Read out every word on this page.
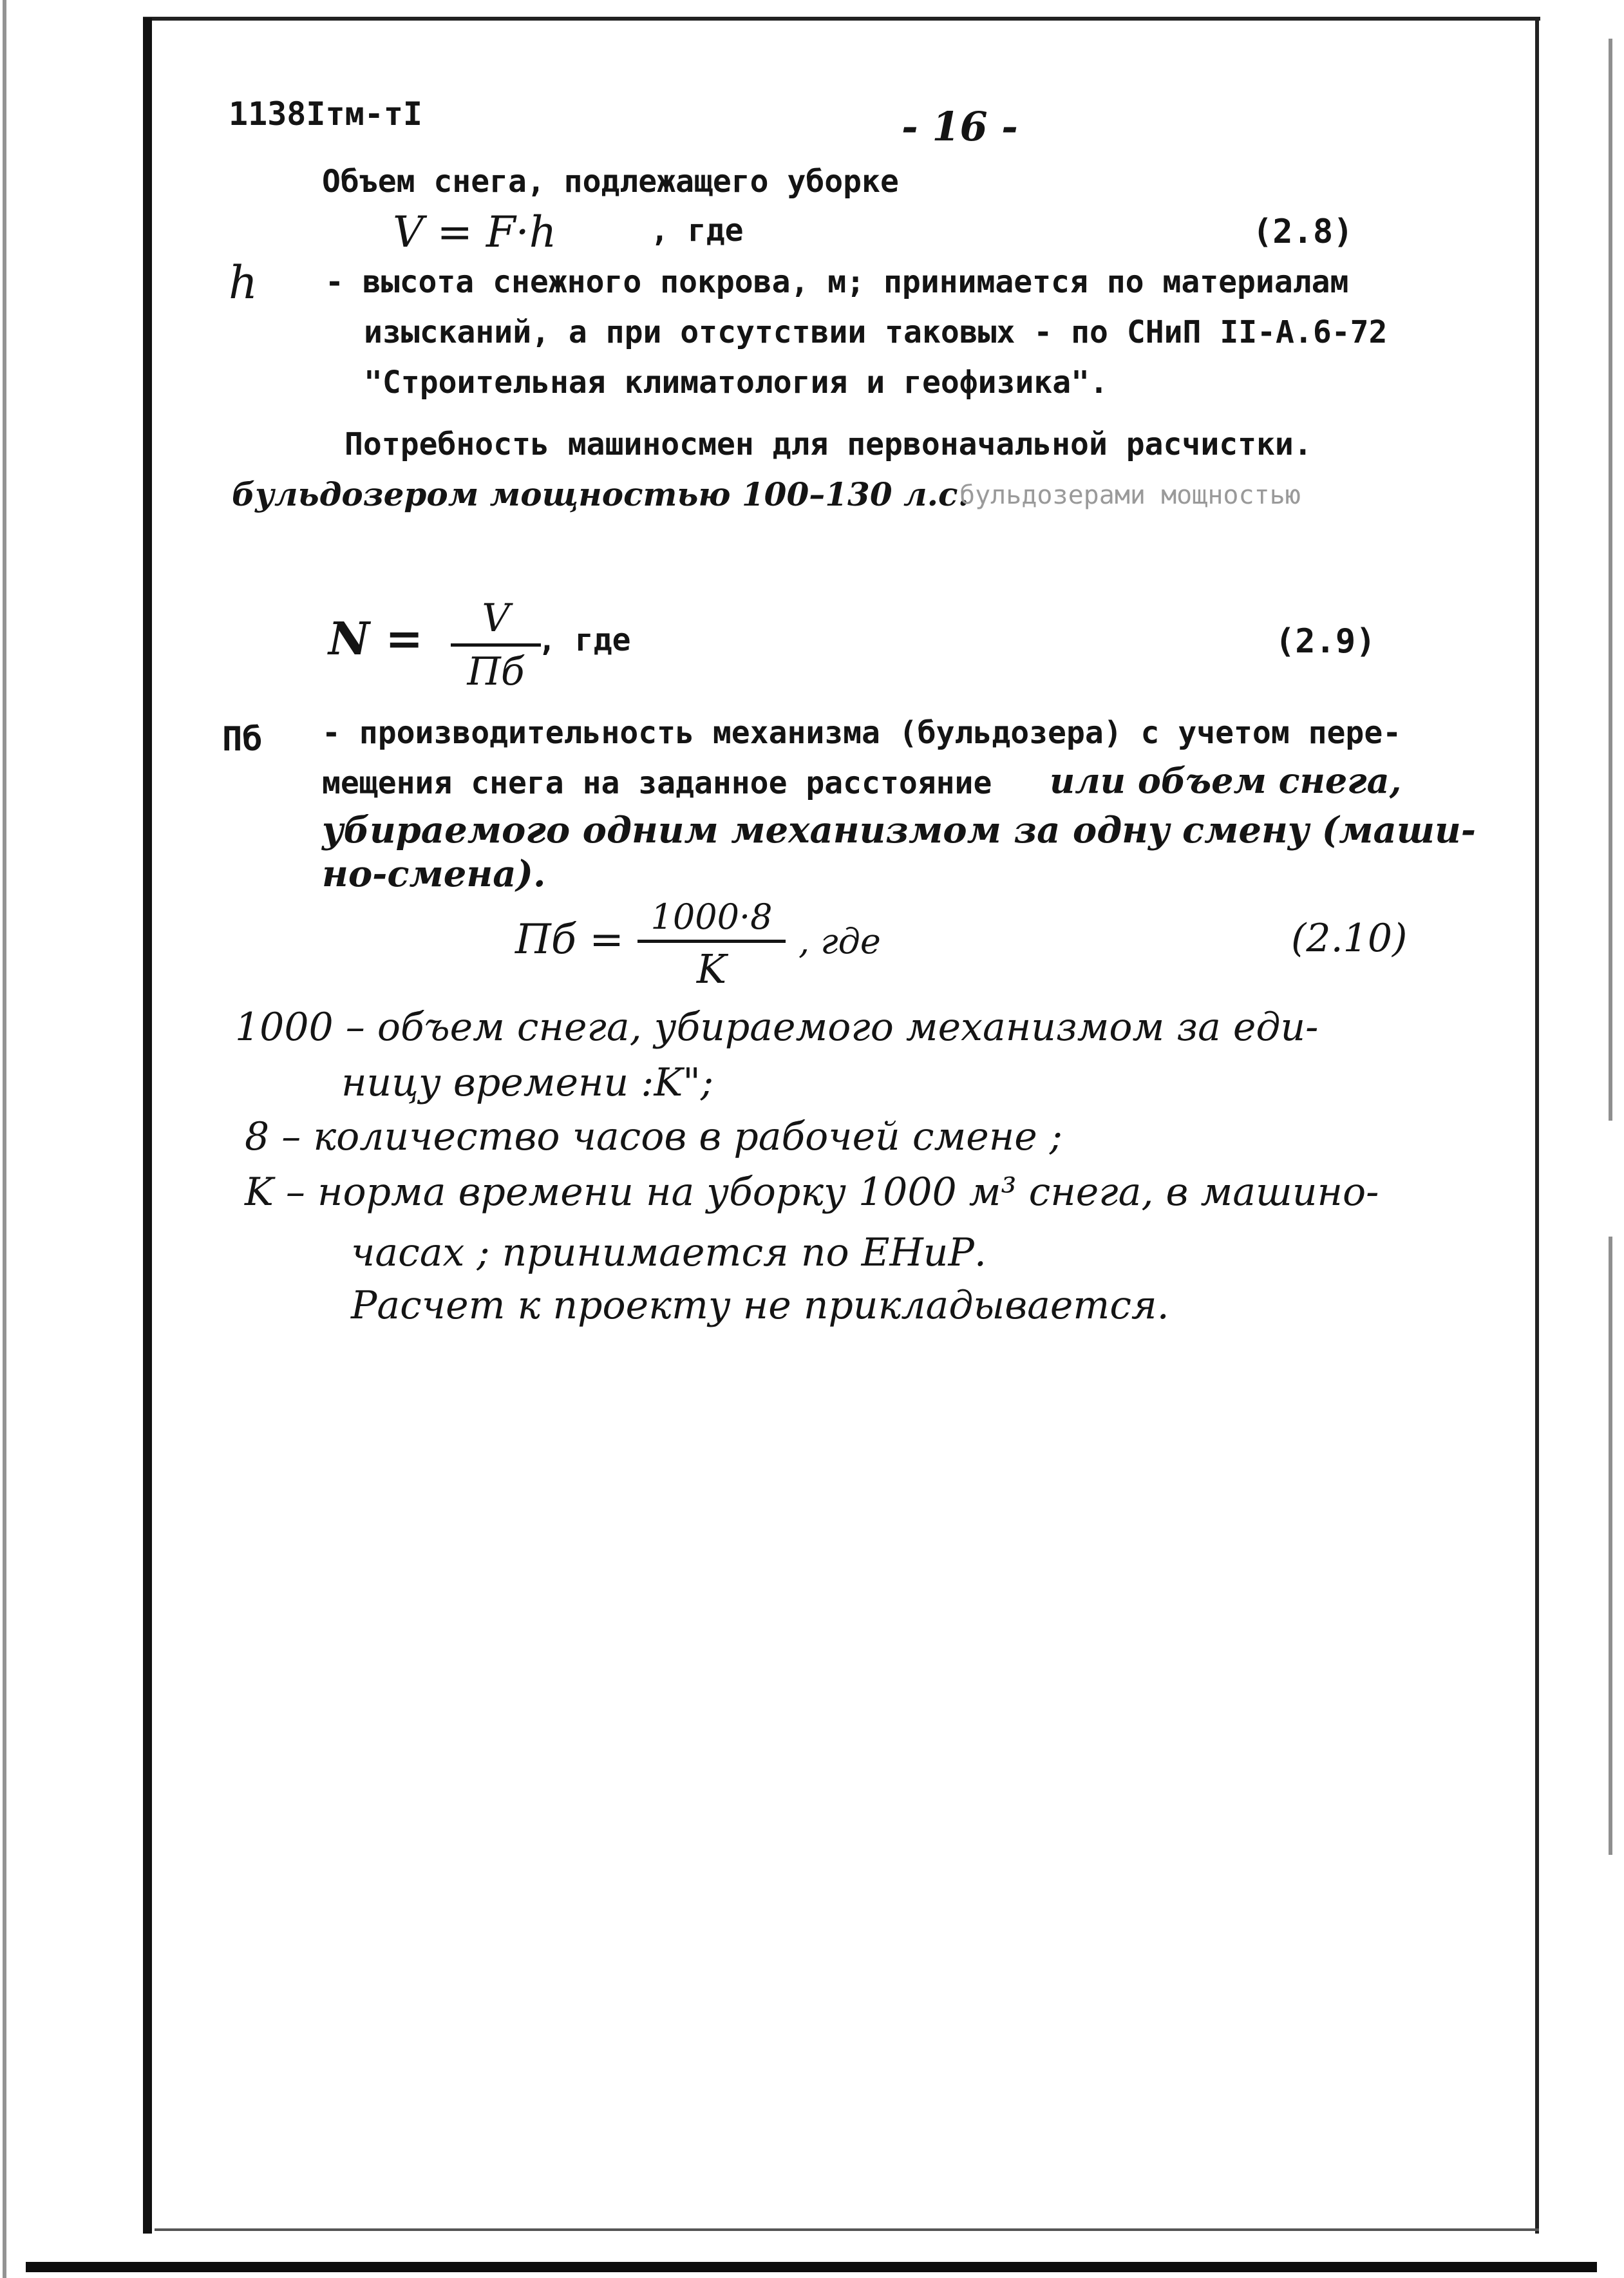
1138Iтм-тI	- 16 -
Объем снега, подлежащего уборке
V = F·h	, где	(2.8)
h - высота снежного покрова, м; принимается по материалам
изысканий, а при отсутствии таковых - по СНиП II-А.6-72
"Строительная климатология и геофизика".
Потребность машиносмен для первоначальной расчистки.
бульдозером мощностью 100–130 л.с.
бульдозерами мощностью
N =	V
Пб
, где	(2.9)
Пб - производительность механизма (бульдозера) с учетом пере-
мещения снега на заданное расстояние или объем снега,
убираемого одним механизмом за одну смену (маши-
но-смена).
Пб = 1000·8
K
, где	(2.10)
1000 – объем снега, убираемого механизмом за еди-
ницу времени :K";
8 – количество часов в рабочей смене ;
K – норма времени на уборку 1000 м³ снега, в машино-
часах ; принимается по ЕНиР.
Расчет к проекту не прикладывается.
